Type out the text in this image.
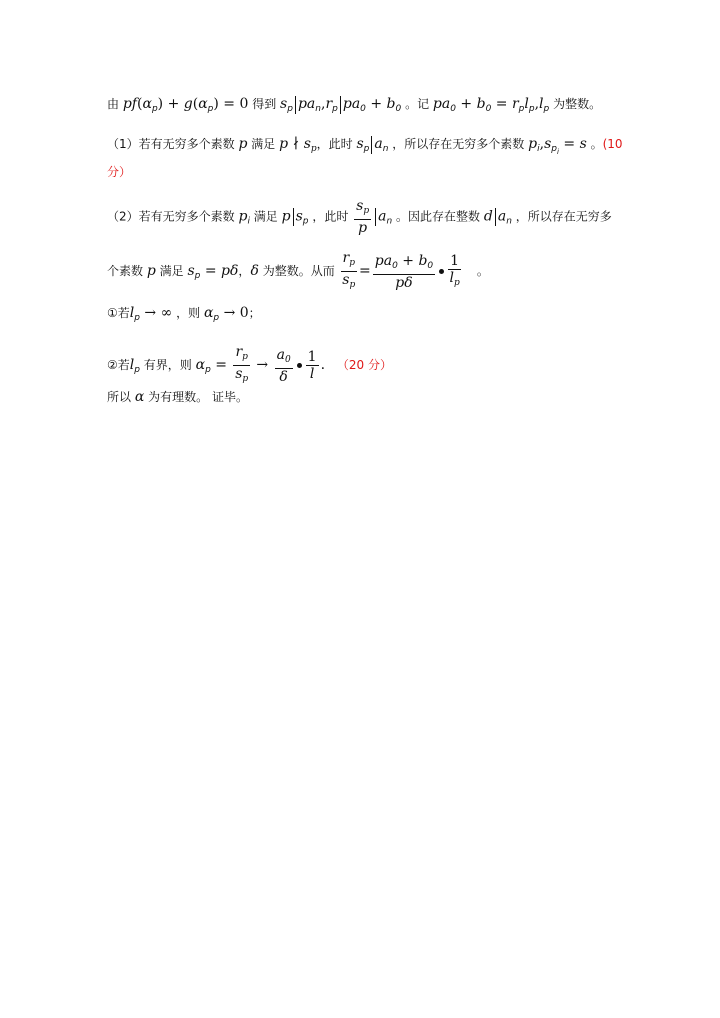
由 $pf(\alpha_p) + g(\alpha_p) = 0$ 得到 $s_p$ $pa_n,r_p$ $pa_0 + b_0$ 。记 $pa_0 + b_0 = r_pl_p,l_p$ 为整数。
（1）若有无穷多个素数 p 满足 p ∤ $s_p$，此时 $s_p$ $a_n$ ，所以存在无穷多个素数 $p_i,s_{p_i} = s$ 。(10
分）
（2）若有无穷多个素数 $p_i$ 满足 p $s_p$ ，此时 $\frac{s_p}{p} a_n$ 。因此存在整数 d $a_n$ ，所以存在无穷多
个素数 p 满足 $s_p = p\delta$，δ 为整数。从而 $\frac{r_p}{s_p} = \frac{pa_0 + b_0}{p\delta} \frac{1}{l_p}$ 。
①若$l_p$ → ∞ ，则 $\alpha_p \to 0$；
②若$l_p$ 有界，则 $\alpha_p = \frac{r_p}{s_p} \to \frac{a_0}{\delta} \frac{1}{l}$ . （20 分）
所以 α 为有理数。 证毕。
